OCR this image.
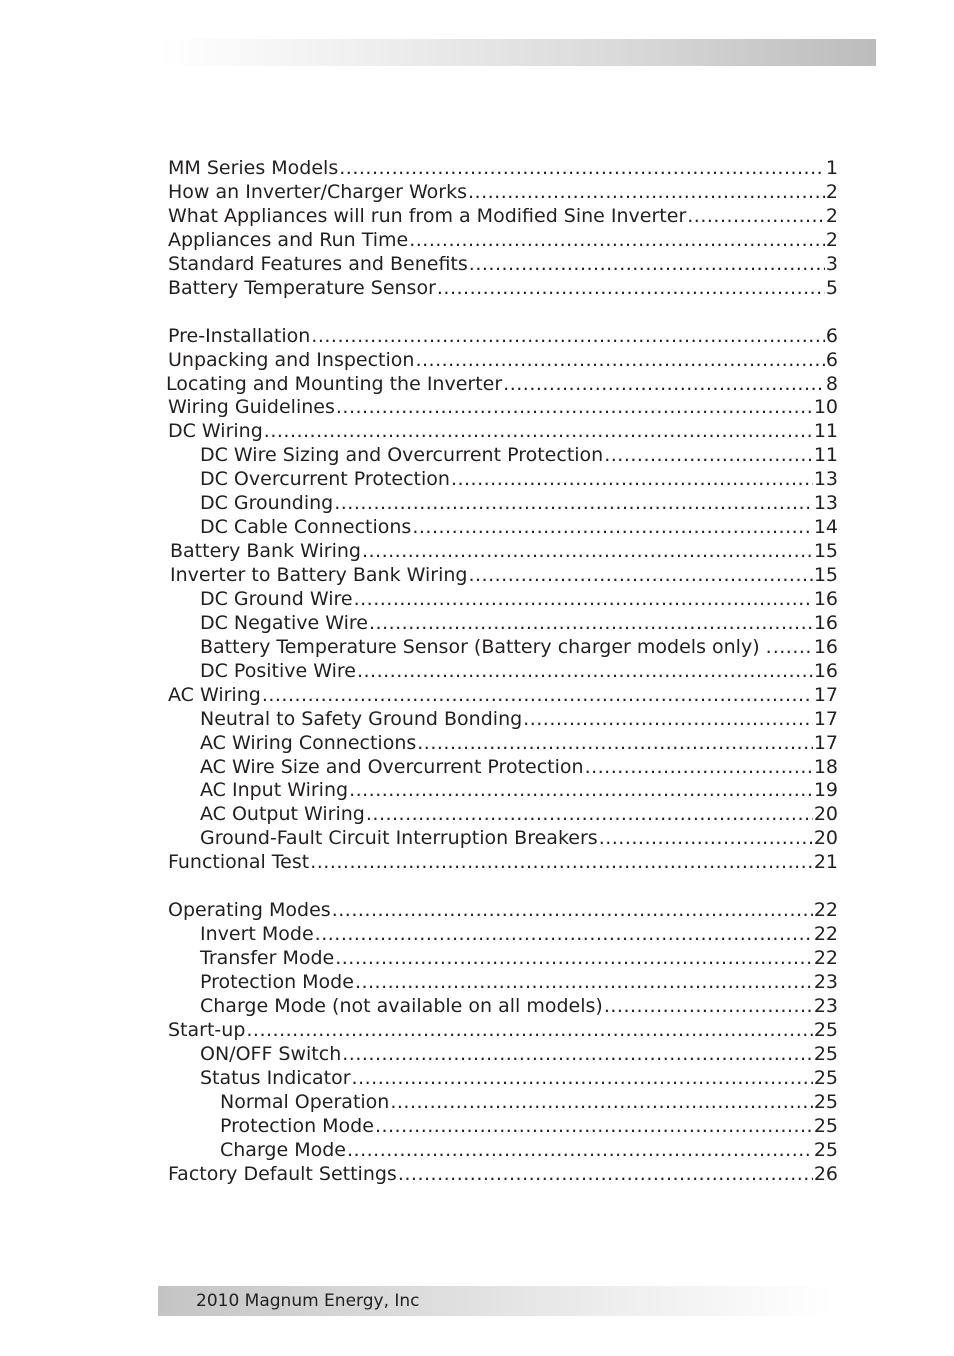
MM Series Models .....	1
How an Inverter/Charger Works .....	2
What Appliances will run from a Modified Sine Inverter .....	2
Appliances and Run Time .....	2
Standard Features and Benefits .....	3
Battery Temperature Sensor .....	5
Pre-Installation .....	6
Unpacking and Inspection .....	6
Locating and Mounting the Inverter .....	8
Wiring Guidelines .....	10
DC Wiring .....	11
DC Wire Sizing and Overcurrent Protection .....	11
DC Overcurrent Protection .....	13
DC Grounding .....	13
DC Cable Connections .....	14
Battery Bank Wiring .....	15
Inverter to Battery Bank Wiring .....	15
DC Ground Wire .....	16
DC Negative Wire .....	16
Battery Temperature Sensor (Battery charger models only) . ..... 16
DC Positive Wire .....	16
AC Wiring .....	17
Neutral to Safety Ground Bonding .....	17
AC Wiring Connections .....	17
AC Wire Size and Overcurrent Protection .....	18
AC Input Wiring .....	19
AC Output Wiring .....	20
Ground-Fault Circuit Interruption Breakers .....	20
Functional Test .....	21
Operating Modes .....	22
Invert Mode .....	22
Transfer Mode .....	22
Protection Mode .....	23
Charge Mode (not available on all models) .....	23
Start-up .....	25
ON/OFF Switch .....	25
Status Indicator .....	25
Normal Operation .....	25
Protection Mode .....	25
Charge Mode .....	25
Factory Default Settings .....	26
2010 Magnum Energy, Inc
